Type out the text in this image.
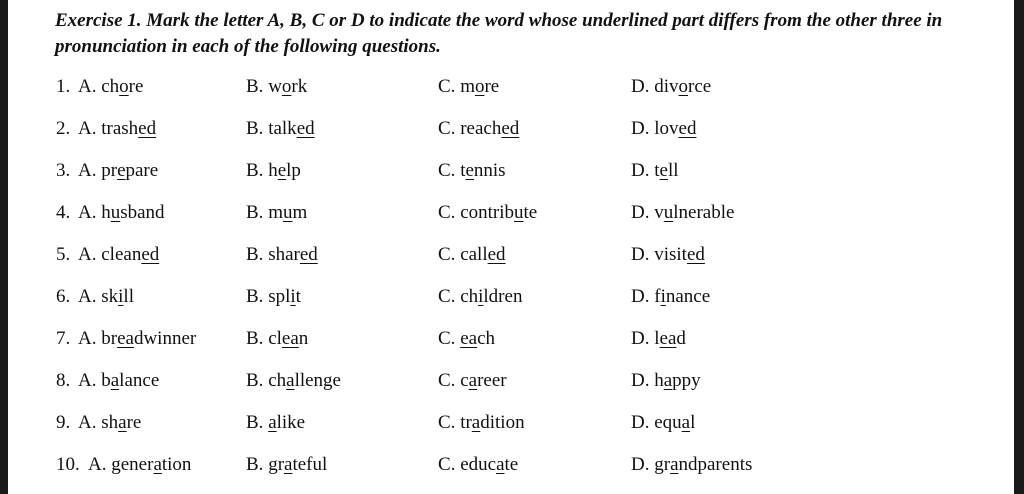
Exercise 1. Mark the letter A, B, C or D to indicate the word whose underlined part differs from the other three in pronunciation in each of the following questions.
1. A. chore	B. work	C. more	D. divorce
2. A. trashed	B. talked	C. reached	D. loved
3. A. prepare	B. help	C. tennis	D. tell
4. A. husband	B. mum	C. contribute	D. vulnerable
5. A. cleaned	B. shared	C. called	D. visited
6. A. skill	B. split	C. children	D. finance
7. A. breadwinner	B. clean	C. each	D. lead
8. A. balance	B. challenge	C. career	D. happy
9. A. share	B. alike	C. tradition	D. equal
10. A. generation	B. grateful	C. educate	D. grandparents
